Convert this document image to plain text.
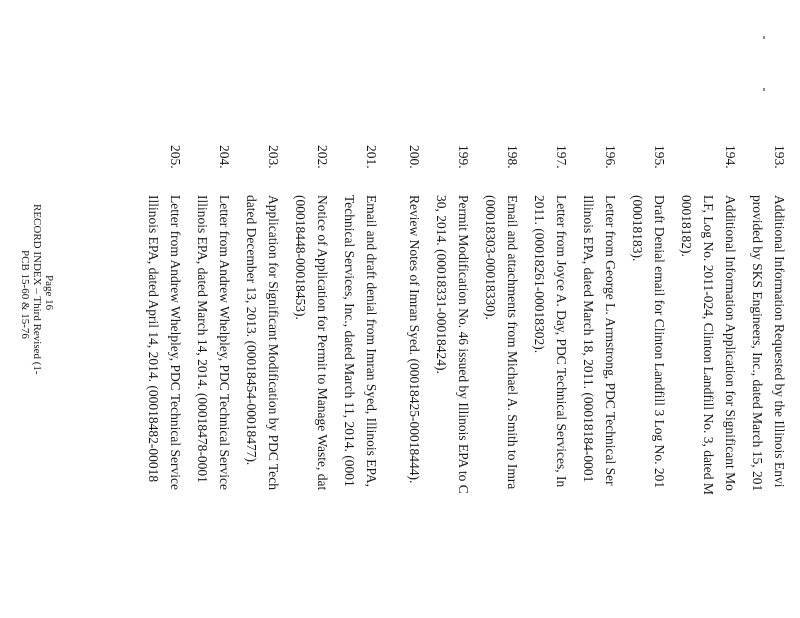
193.
Additional Information Requested by the Illinois Envi
provided by SKS Engineers, Inc., dated March 15, 201
194.
Additional Information Application for Significant Mo
LF, Log No. 2011-024, Clinton Landfill No. 3, dated M
00018182).
195.
Draft Denial email for Clinton Landfill 3 Log No. 201
(00018183).
196.
Letter from George L. Armstrong, PDC Technical Ser
Illinois EPA, dated March 18, 2011. (00018184-0001
197.
Letter from Joyce A. Day, PDC Technical Services, In
2011. (00018261-00018302).
198.
Email and attachments from Michael A. Smith to Imra
(00018303-00018330).
199.
Permit Modification No. 46 issued by Illinois EPA to C
30, 2014. (00018331-00018424).
200.
Review Notes of Imran Syed. (00018425-00018444).
201.
Email and draft denial from Imran Syed, Illinois EPA,
Technical Services, Inc., dated March 11, 2014. (0001
202.
Notice of Application for Permit to Manage Waste, dat
(00018448-00018453).
203.
Application for Significant Modification by PDC Tech
dated December 13, 2013. (00018454-00018477).
204.
Letter from Andrew Whelpley, PDC Technical Service
Illinois EPA, dated March 14, 2014. (00018478-0001
205.
Letter from Andrew Whelpley, PDC Technical Service
Illinois EPA, dated April 14, 2014. (00018482-00018
Page 16
RECORD INDEX – Third Revised (1-
PCB 15-60 & 15-76
